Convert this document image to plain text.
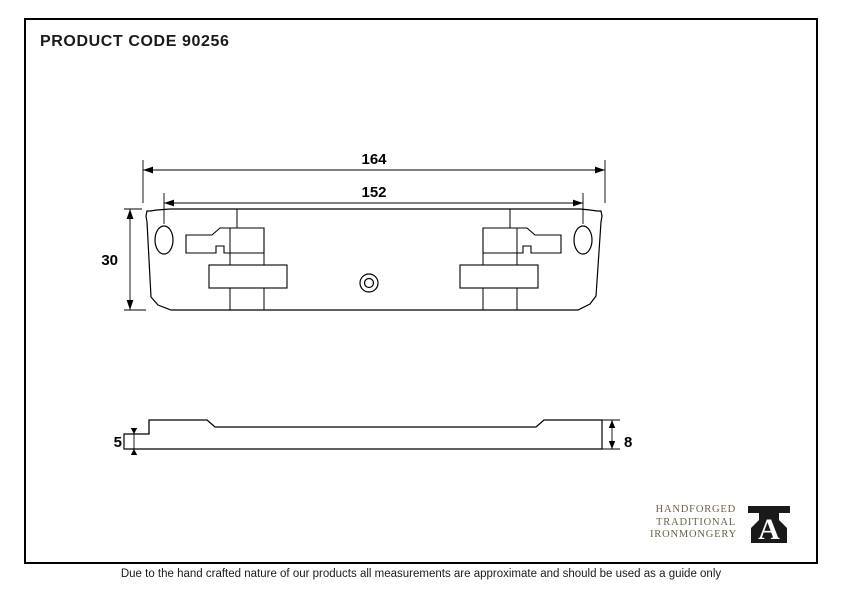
PRODUCT CODE 90256
164
152
30
5	8
HANDFORGED
TRADITIONAL
IRONMONGERY A
Due to the hand crafted nature of our products all measurements are approximate and should be used as a guide only
